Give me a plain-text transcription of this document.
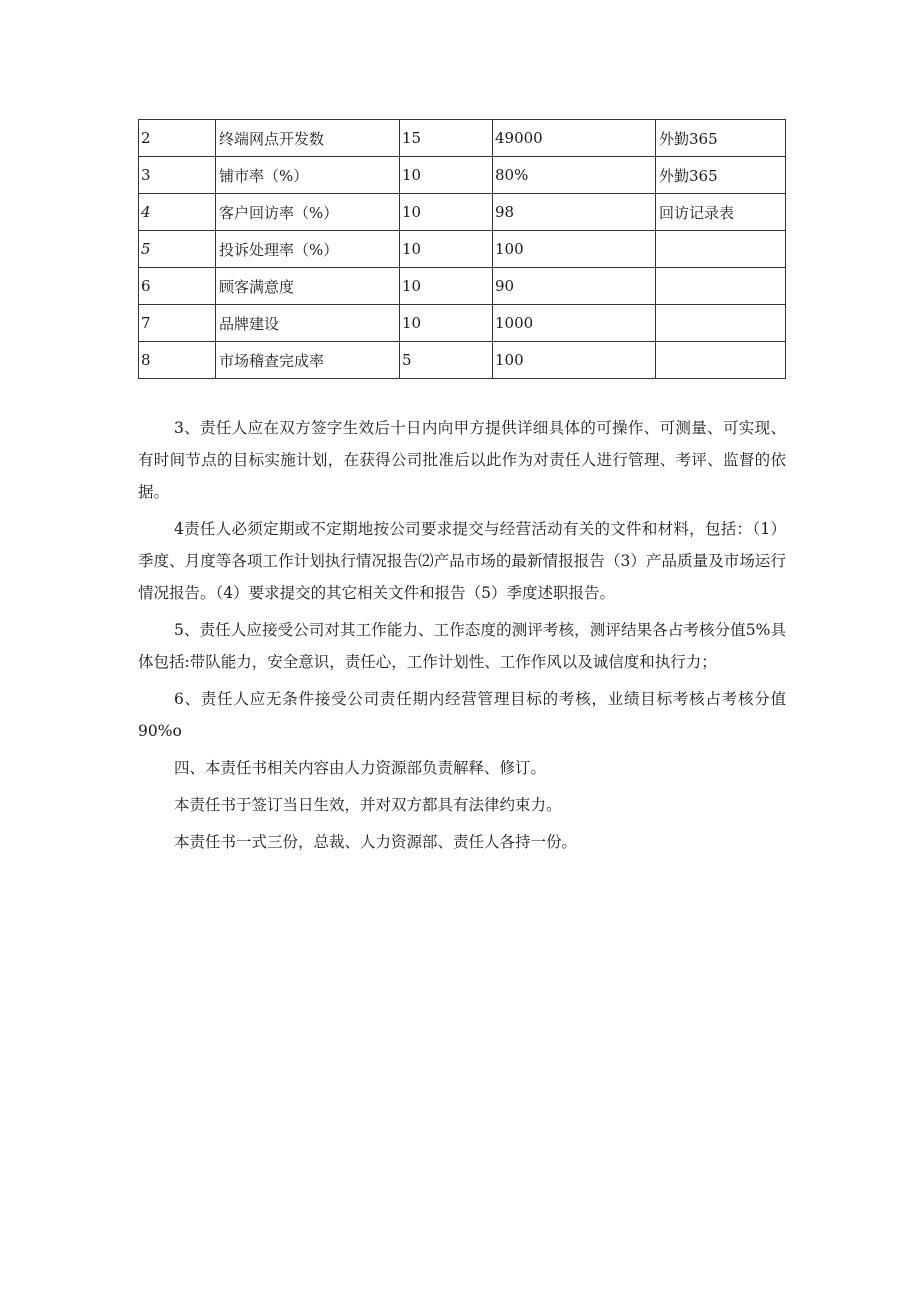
2	终端网点开发数	15	49000	外勤365
3	铺市率（%）	10	80%	外勤365
4	客户回访率（%）	10	98	回访记录表
5	投诉处理率（%）	10	100	
6	顾客满意度	10	90	
7	品牌建设	10	1000	
8	市场稽查完成率	5	100	

3、责任人应在双方签字生效后十日内向甲方提供详细具体的可操作、可测量、可实现、有时间节点的目标实施计划，在获得公司批准后以此作为对责任人进行管理、考评、监督的依据。

4责任人必须定期或不定期地按公司要求提交与经营活动有关的文件和材料，包括：（1）季度、月度等各项工作计划执行情况报告⑵产品市场的最新情报报告（3）产品质量及市场运行情况报告。（4）要求提交的其它相关文件和报告（5）季度述职报告。

5、责任人应接受公司对其工作能力、工作态度的测评考核，测评结果各占考核分值5%具体包括:带队能力，安全意识，责任心，工作计划性、工作作风以及诚信度和执行力；

6、责任人应无条件接受公司责任期内经营管理目标的考核，业绩目标考核占考核分值90%o

四、本责任书相关内容由人力资源部负责解释、修订。

本责任书于签订当日生效，并对双方都具有法律约束力。

本责任书一式三份，总裁、人力资源部、责任人各持一份。
